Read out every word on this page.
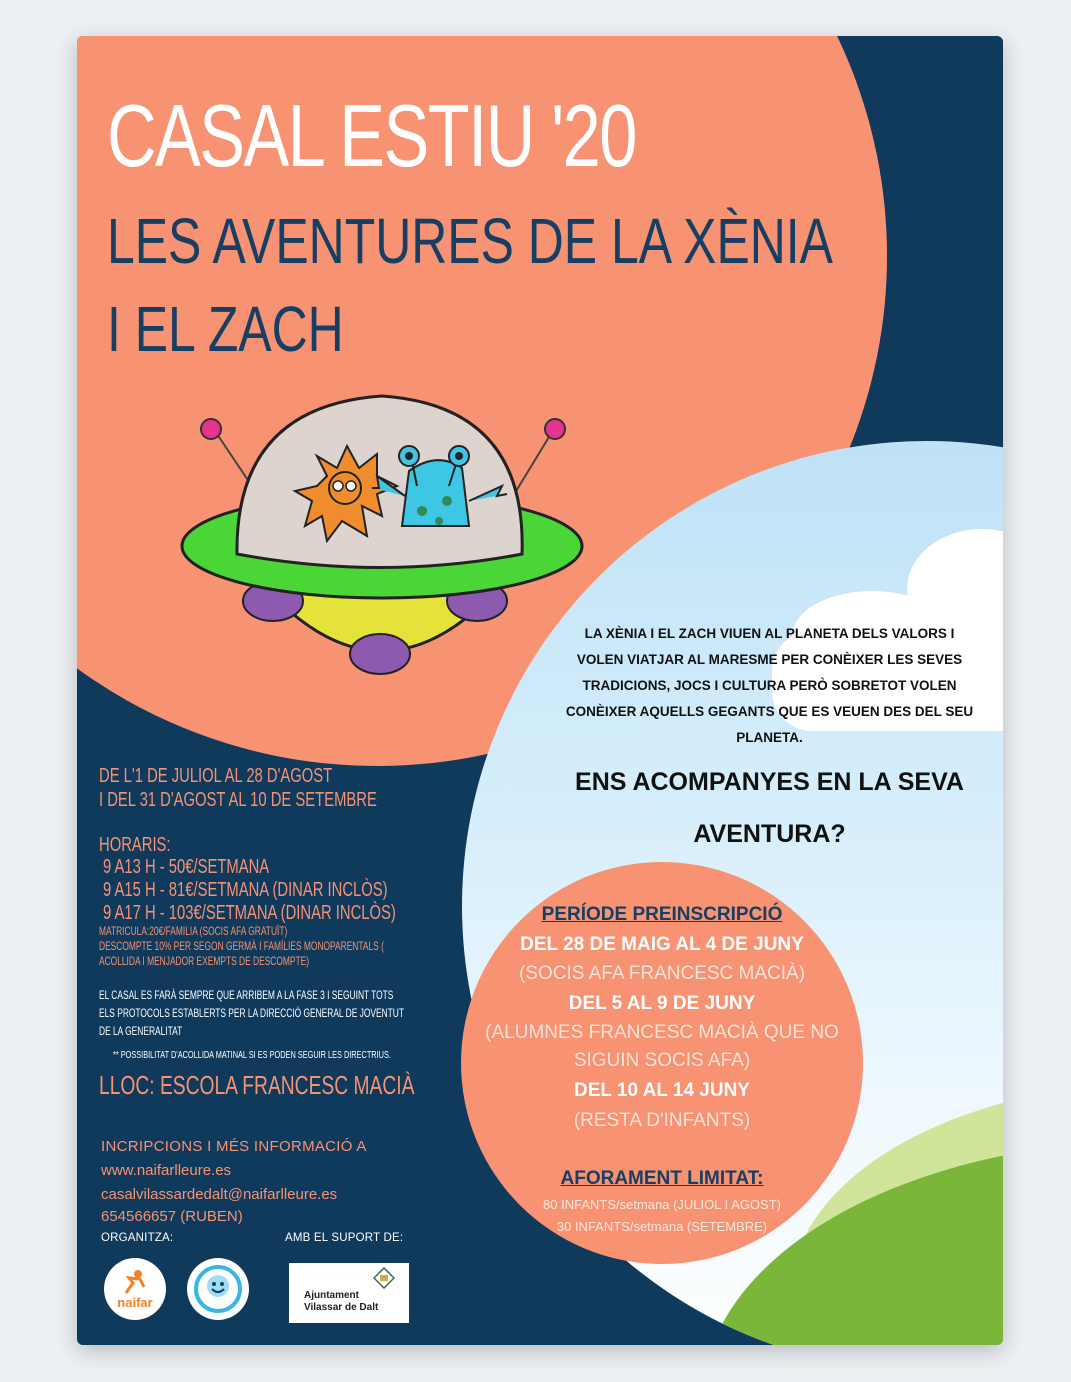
CASAL ESTIU '20
LES AVENTURES DE LA XÈNIA
I EL ZACH
LA XÈNIA I EL ZACH VIUEN AL PLANETA DELS VALORS I
VOLEN VIATJAR AL MARESME PER CONÈIXER LES SEVES
TRADICIONS, JOCS I CULTURA PERÒ SOBRETOT VOLEN
CONÈIXER AQUELLS GEGANTS QUE ES VEUEN DES DEL SEU
PLANETA.
ENS ACOMPANYES EN LA SEVA
AVENTURA?
DE L'1 DE JULIOL AL 28 D'AGOST
I DEL 31 D'AGOST AL 10 DE SETEMBRE
HORARIS:
9 A13 H - 50€/SETMANA
9 A15 H - 81€/SETMANA (DINAR INCLÒS)
9 A17 H - 103€/SETMANA (DINAR INCLÒS)
MATRICULA:20€/FAMILIA (SOCIS AFA GRATUÏT)
DESCOMPTE 10% PER SEGON GERMÀ I FAMÍLIES MONOPARENTALS (
ACOLLIDA I MENJADOR EXEMPTS DE DESCOMPTE)
EL CASAL ES FARÀ SEMPRE QUE ARRIBEM A LA FASE 3 I SEGUINT TOTS
ELS PROTOCOLS ESTABLERTS PER LA DIRECCIÓ GENERAL DE JOVENTUT
DE LA GENERALITAT
** POSSIBILITAT D'ACOLLIDA MATINAL SI ES PODEN SEGUIR LES DIRECTRIUS.
LLOC: ESCOLA FRANCESC MACIÀ
INCRIPCIONS I MÉS INFORMACIÓ A
www.naifarlleure.es
casalvilassardedalt@naifarlleure.es
654566657 (RUBEN)
ORGANITZA:	AMB EL SUPORT DE:
naifar	Ajuntament
Vilassar de Dalt

PERÍODE PREINSCRIPCIÓ

DEL 28 DE MAIG AL 4 DE JUNY

(SOCIS AFA FRANCESC MACIÀ)

DEL 5 AL 9 DE JUNY

(ALUMNES FRANCESC MACIÀ QUE NO

SIGUIN SOCIS AFA)

DEL 10 AL 14 JUNY

(RESTA D'INFANTS)

AFORAMENT LIMITAT:

80 INFANTS/setmana (JULIOL I AGOST)

30 INFANTS/setmana (SETEMBRE)
